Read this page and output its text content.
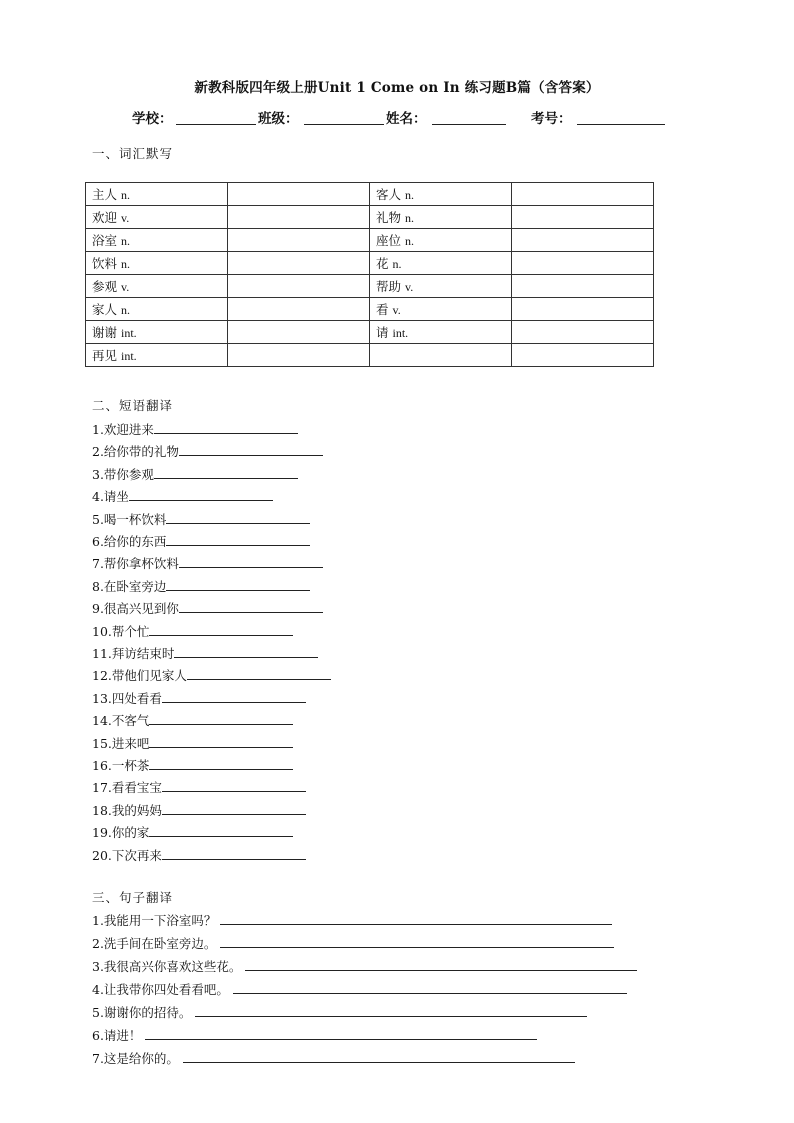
新教科版四年级上册Unit 1 Come on In 练习题B篇（含答案）
学校：	班级：	姓名：	考号：
一、词汇默写
主人 n.		客人 n.	
欢迎 v.		礼物 n.	
浴室 n.		座位 n.	
饮料 n.		花 n.	
参观 v.		帮助 v.	
家人 n.		看 v.	
谢谢 int.		请 int.	
再见 int.			
二、短语翻译
1.欢迎进来
2.给你带的礼物
3.带你参观
4.请坐
5.喝一杯饮料
6.给你的东西
7.帮你拿杯饮料
8.在卧室旁边
9.很高兴见到你
10.帮个忙
11.拜访结束时
12.带他们见家人
13.四处看看
14.不客气
15.进来吧
16.一杯茶
17.看看宝宝
18.我的妈妈
19.你的家
20.下次再来
三、句子翻译
1.我能用一下浴室吗？
2.洗手间在卧室旁边。
3.我很高兴你喜欢这些花。
4.让我带你四处看看吧。
5.谢谢你的招待。
6.请进！
7.这是给你的。
